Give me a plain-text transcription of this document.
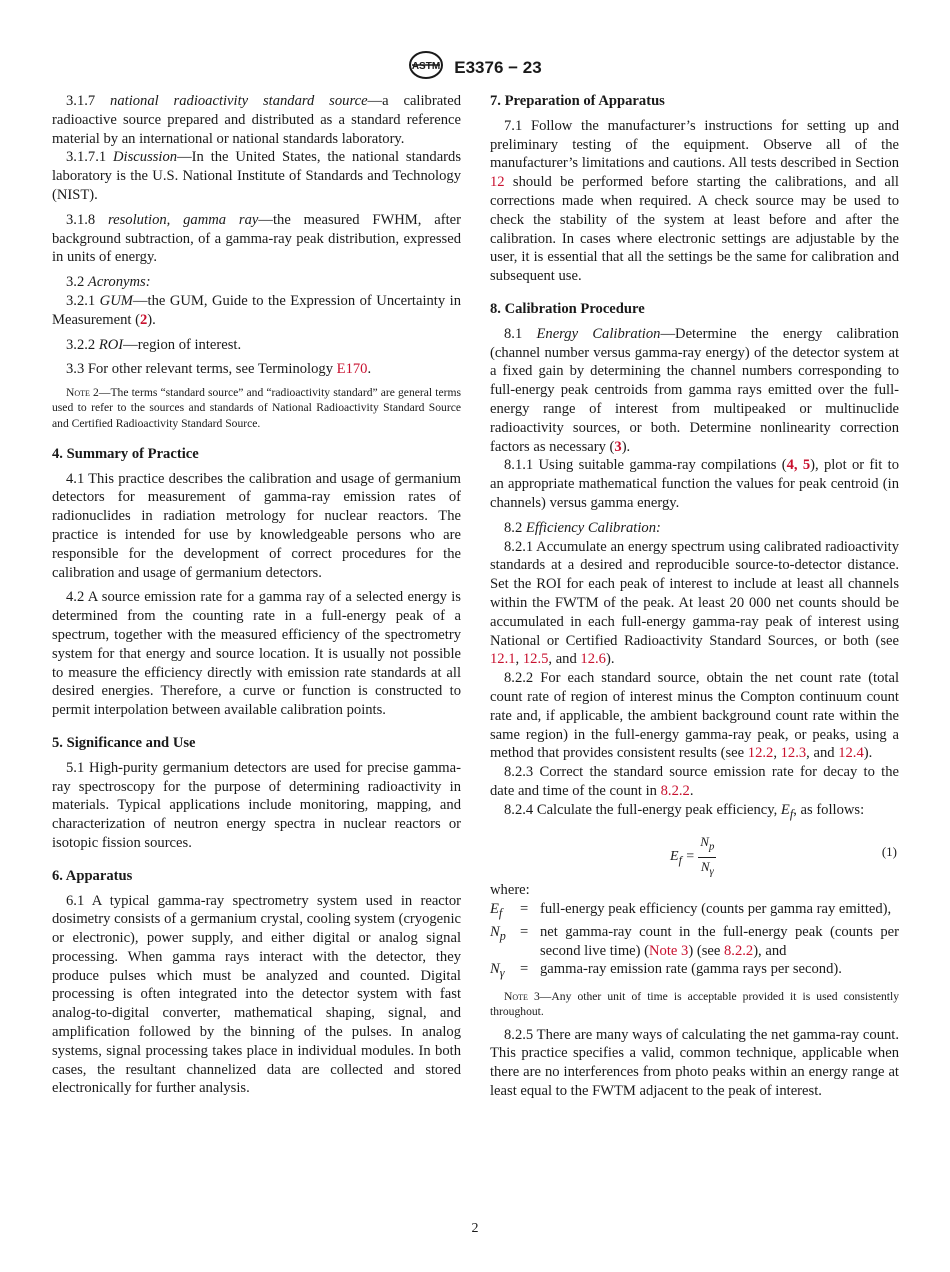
ASTM E3376 − 23

3.1.7 national radioactivity standard source—a calibrated radioactive source prepared and distributed as a standard reference material by an international or national standards laboratory.

3.1.7.1 Discussion—In the United States, the national standards laboratory is the U.S. National Institute of Standards and Technology (NIST).

3.1.8 resolution, gamma ray—the measured FWHM, after background subtraction, of a gamma-ray peak distribution, expressed in units of energy.

3.2 Acronyms:

3.2.1 GUM—the GUM, Guide to the Expression of Uncertainty in Measurement (2).

3.2.2 ROI—region of interest.

3.3 For other relevant terms, see Terminology E170.

Note 2—The terms “standard source” and “radioactivity standard” are general terms used to refer to the sources and standards of National Radioactivity Standard Source and Certified Radioactivity Standard Source.
4. Summary of Practice

4.1 This practice describes the calibration and usage of germanium detectors for measurement of gamma-ray emission rates of radionuclides in radiation metrology for nuclear reactors. The practice is intended for use by knowledgeable persons who are responsible for the development of correct procedures for the calibration and usage of germanium detectors.

4.2 A source emission rate for a gamma ray of a selected energy is determined from the counting rate in a full-energy peak of a spectrum, together with the measured efficiency of the spectrometry system for that energy and source location. It is usually not possible to measure the efficiency directly with emission rate standards at all desired energies. Therefore, a curve or function is constructed to permit interpolation between available calibration points.

5. Significance and Use

5.1 High-purity germanium detectors are used for precise gamma-ray spectroscopy for the purpose of determining radioactivity in materials. Typical applications include monitoring, mapping, and characterization of neutron energy spectra in nuclear reactors or isotopic fission sources.

6. Apparatus

6.1 A typical gamma-ray spectrometry system used in reactor dosimetry consists of a germanium crystal, cooling system (cryogenic or electronic), power supply, and either digital or analog signal processing. When gamma rays interact with the detector, they produce pulses which must be analyzed and counted. Digital processing is often integrated into the detector system with fast analog-to-digital converter, mathematical shaping, signal, and amplification followed by the binning of the pulses. In analog systems, signal processing takes place in individual modules. In both cases, the resultant channelized data are collected and stored electronically for further analysis.

7. Preparation of Apparatus

7.1 Follow the manufacturer’s instructions for setting up and preliminary testing of the equipment. Observe all of the manufacturer’s limitations and cautions. All tests described in Section 12 should be performed before starting the calibrations, and all corrections made when required. A check source may be used to check the stability of the system at least before and after the calibration. In cases where electronic settings are adjustable by the user, it is essential that all the settings be the same for calibration and subsequent use.

8. Calibration Procedure

8.1 Energy Calibration—Determine the energy calibration (channel number versus gamma-ray energy) of the detector system at a fixed gain by determining the channel numbers corresponding to full-energy peak centroids from gamma rays emitted over the full-energy range of interest from multipeaked or multinuclide radioactivity sources, or both. Determine nonlinearity correction factors as necessary (3).

8.1.1 Using suitable gamma-ray compilations (4, 5), plot or fit to an appropriate mathematical function the values for peak centroid (in channels) versus gamma energy.

8.2 Efficiency Calibration:

8.2.1 Accumulate an energy spectrum using calibrated radioactivity standards at a desired and reproducible source-to-detector distance. Set the ROI for each peak of interest to include at least all channels within the FWTM of the peak. At least 20 000 net counts should be accumulated in each full-energy gamma-ray peak of interest using National or Certified Radioactivity Standard Sources, or both (see 12.1, 12.5, and 12.6).

8.2.2 For each standard source, obtain the net count rate (total count rate of region of interest minus the Compton continuum count rate and, if applicable, the ambient background count rate within the same region) in the full-energy gamma-ray peak, or peaks, using a method that provides consistent results (see 12.2, 12.3, and 12.4).

8.2.3 Correct the standard source emission rate for decay to the date and time of the count in 8.2.2.

8.2.4 Calculate the full-energy peak efficiency, $E_f$, as follows:

$E_f = \frac{N_p}{N_\gamma}$	(1)
where:
$E_f$	= full-energy peak efficiency (counts per gamma ray emitted),
$N_p$ = net gamma-ray count in the full-energy peak (counts per second live time) (Note 3) (see 8.2.2), and
$N_\gamma$	= gamma-ray emission rate (gamma rays per second).
Note 3—Any other unit of time is acceptable provided it is used consistently throughout.

8.2.5 There are many ways of calculating the net gamma-ray count. This practice specifies a valid, common technique, applicable when there are no interferences from photo peaks within an energy range at least equal to the FWTM adjacent to the peak of interest.

2
